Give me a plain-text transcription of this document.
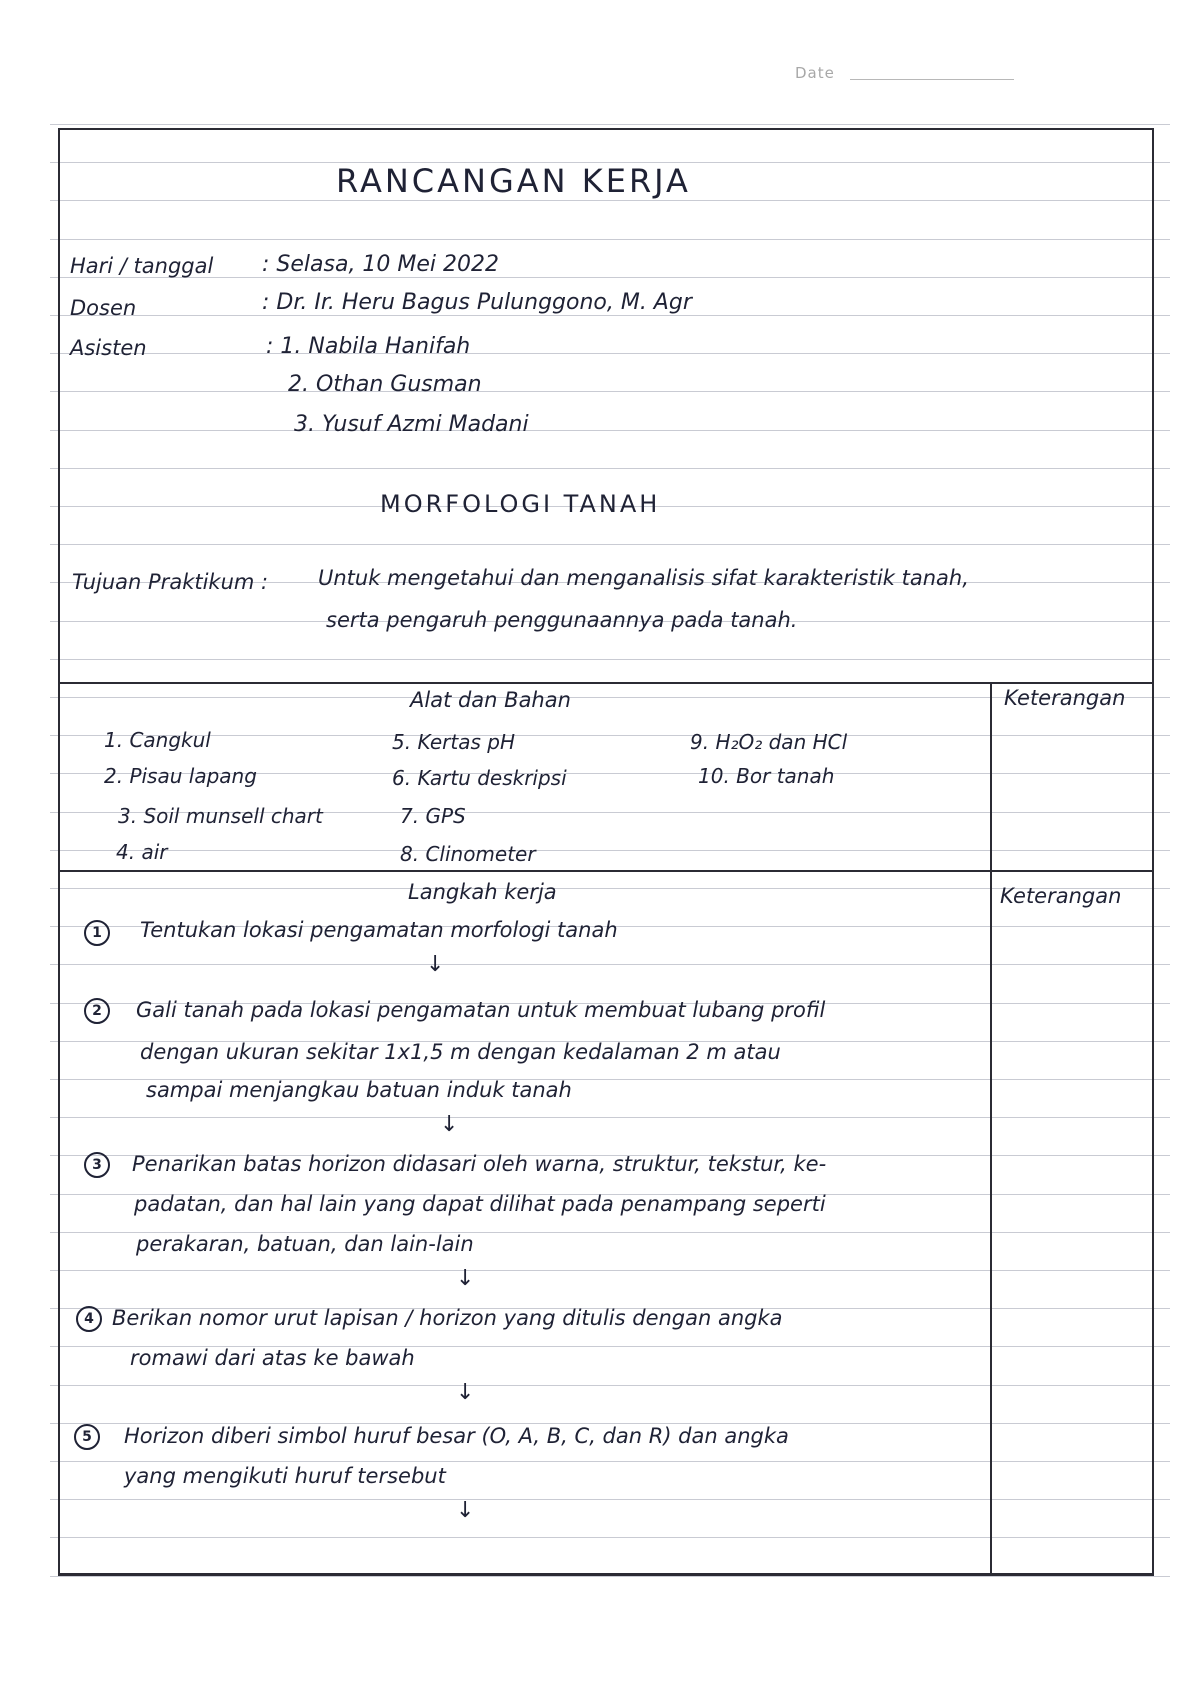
Date
RANCANGAN KERJA
Hari / tanggal : Selasa, 10 Mei 2022
Dosen	: Dr. Ir. Heru Bagus Pulunggono, M. Agr
Asisten	: 1. Nabila Hanifah
2. Othan Gusman
3. Yusuf Azmi Madani
MORFOLOGI TANAH
Tujuan Praktikum : Untuk mengetahui dan menganalisis sifat karakteristik tanah,
serta pengaruh penggunaannya pada tanah.
Alat dan Bahan	Keterangan
1. Cangkul
2. Pisau lapang
3. Soil munsell chart
4. air
5. Kertas pH
6. Kartu deskripsi
7. GPS
8. Clinometer
9. H₂O₂ dan HCl
10. Bor tanah
Langkah kerja	Keterangan
1	Tentukan lokasi pengamatan morfologi tanah
↓
2	Gali tanah pada lokasi pengamatan untuk membuat lubang profil
dengan ukuran sekitar 1x1,5 m dengan kedalaman 2 m atau
sampai menjangkau batuan induk tanah
↓
3	Penarikan batas horizon didasari oleh warna, struktur, tekstur, ke-
padatan, dan hal lain yang dapat dilihat pada penampang seperti
perakaran, batuan, dan lain-lain
↓
4 Berikan nomor urut lapisan / horizon yang ditulis dengan angka
romawi dari atas ke bawah
↓
5	Horizon diberi simbol huruf besar (O, A, B, C, dan R) dan angka
yang mengikuti huruf tersebut
↓
